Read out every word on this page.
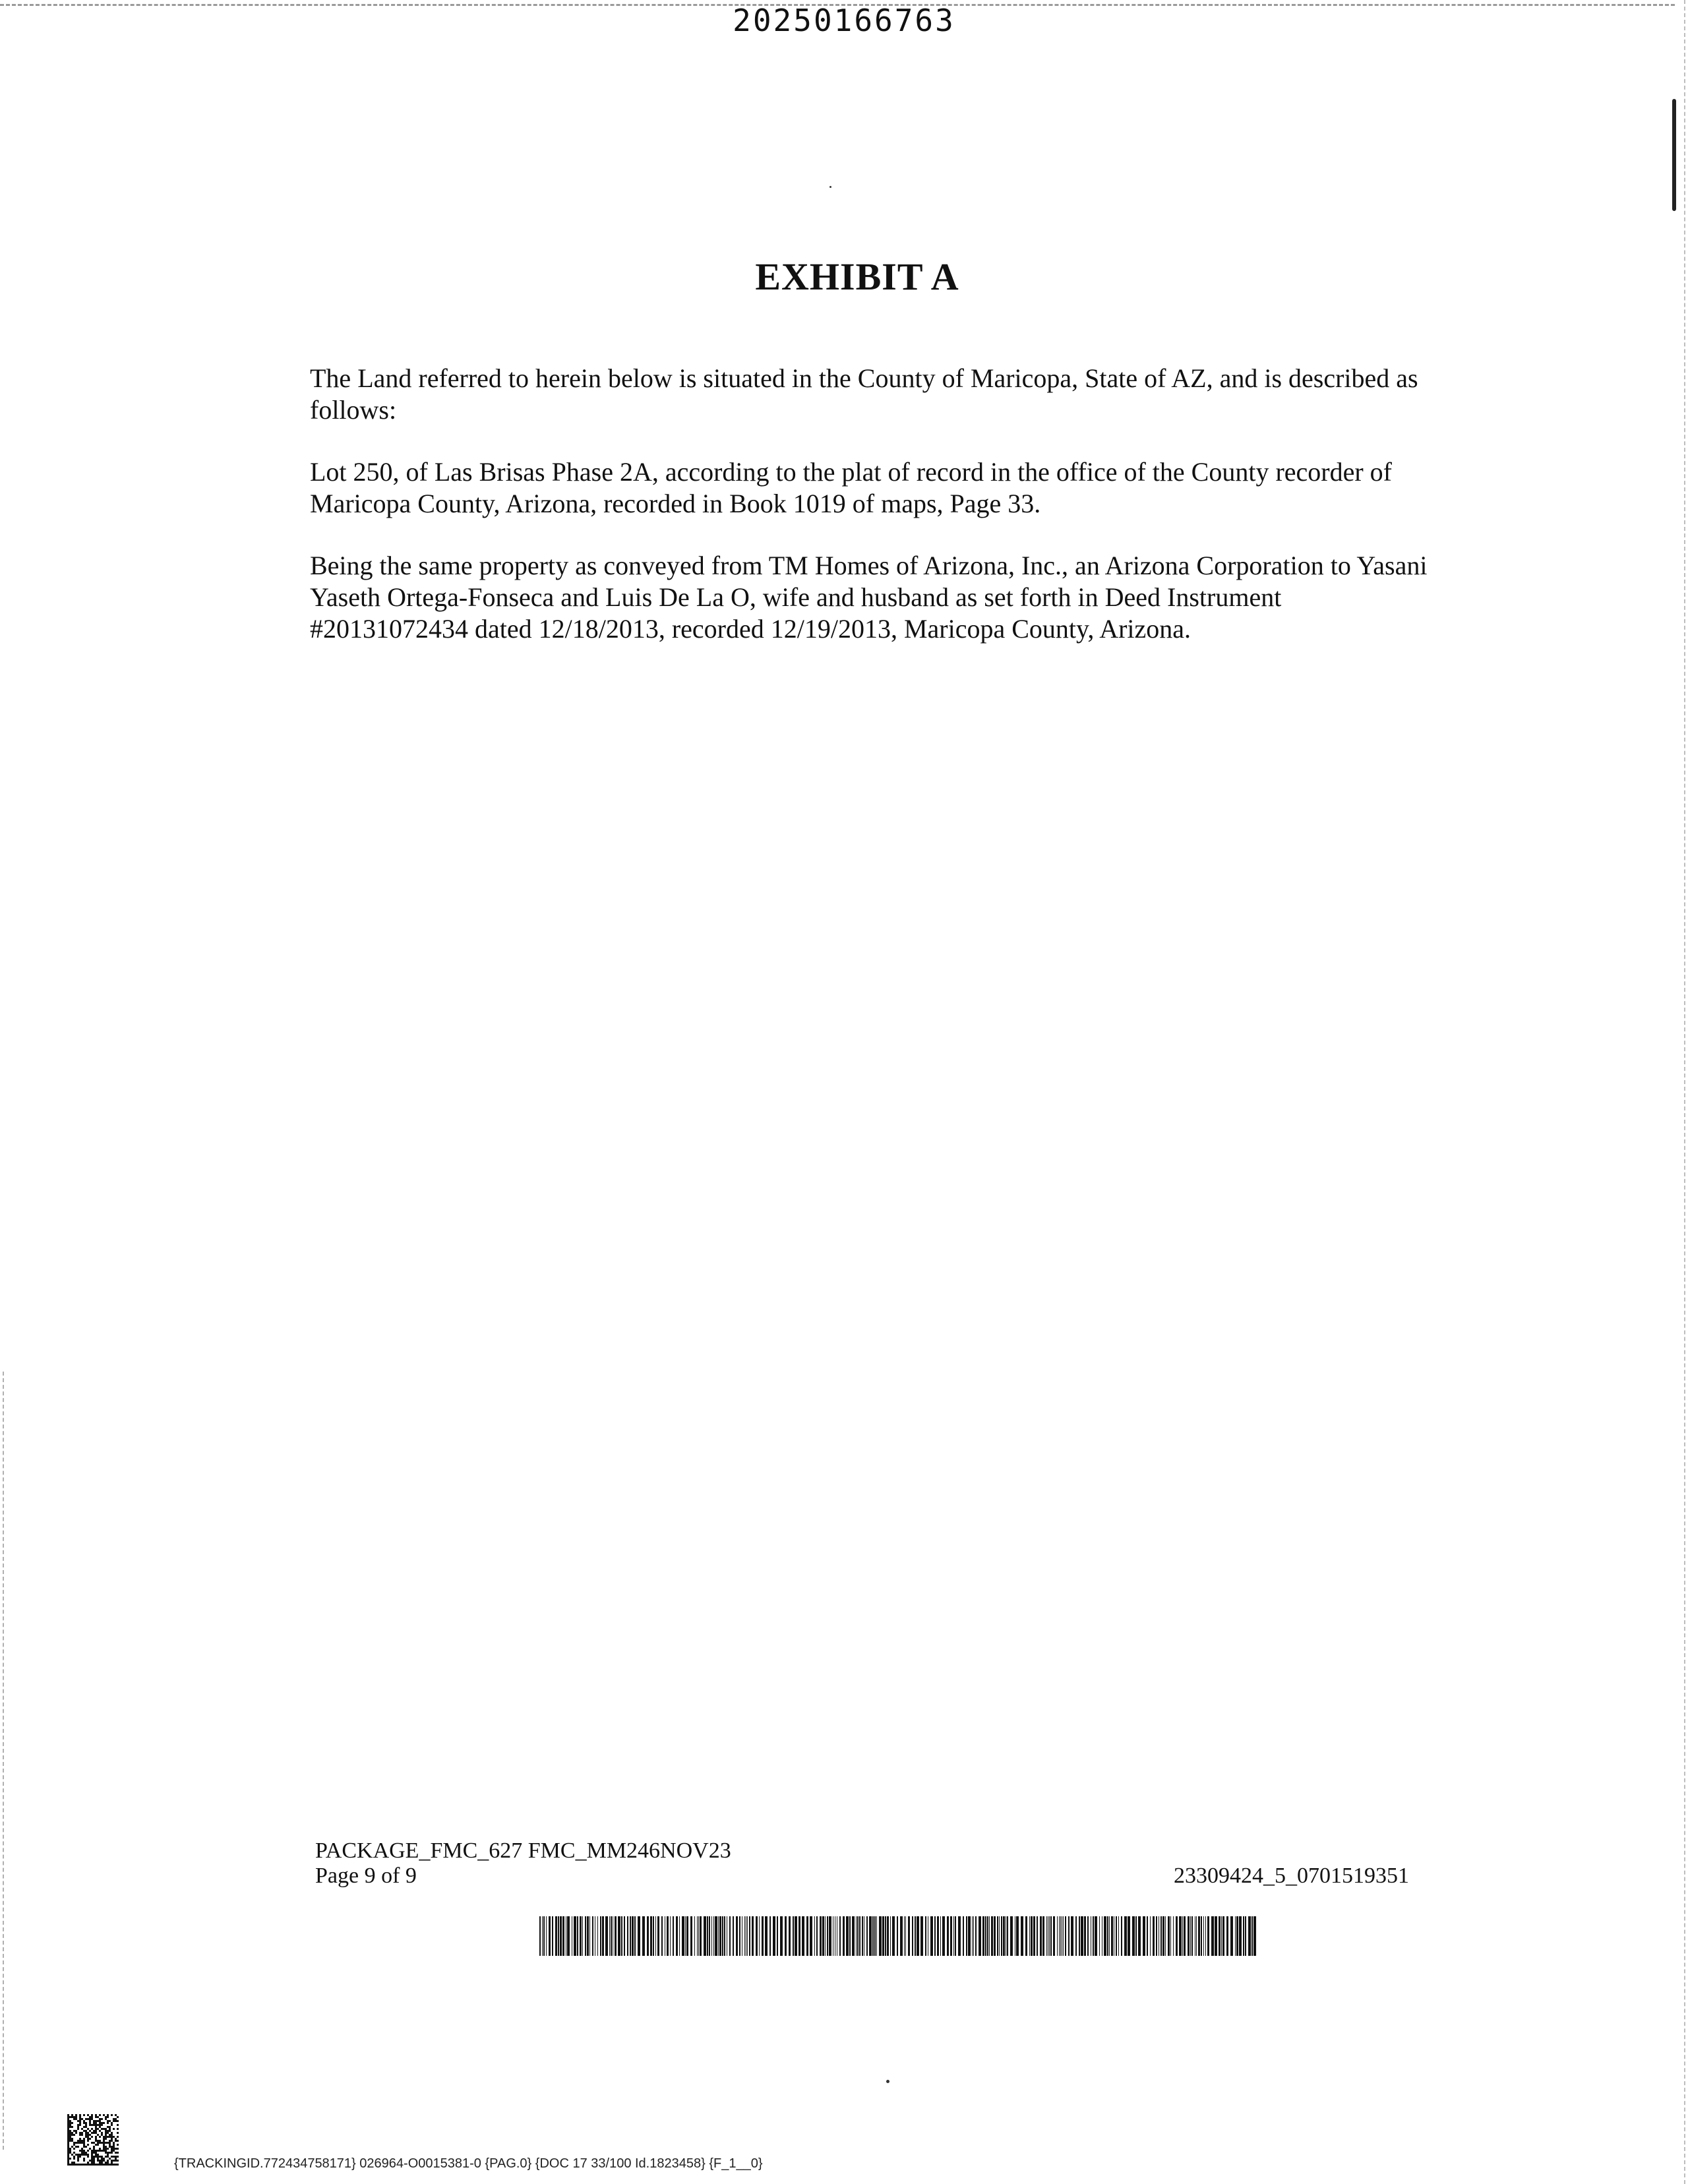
20250166763
EXHIBIT A

The Land referred to herein below is situated in the County of Maricopa, State of AZ, and is described as follows:

Lot 250, of Las Brisas Phase 2A, according to the plat of record in the office of the County recorder of Maricopa County, Arizona, recorded in Book 1019 of maps, Page 33.

Being the same property as conveyed from TM Homes of Arizona, Inc., an Arizona Corporation to Yasani Yaseth Ortega-Fonseca and Luis De La O, wife and husband as set forth in Deed Instrument #20131072434 dated 12/18/2013, recorded 12/19/2013, Maricopa County, Arizona.

PACKAGE_FMC_627 FMC_MM246NOV23
Page 9 of 9	23309424_5_0701519351
{TRACKINGID.772434758171} 026964-O0015381-0 {PAG.0} {DOC 17 33/100 Id.1823458} {F_1__0}
